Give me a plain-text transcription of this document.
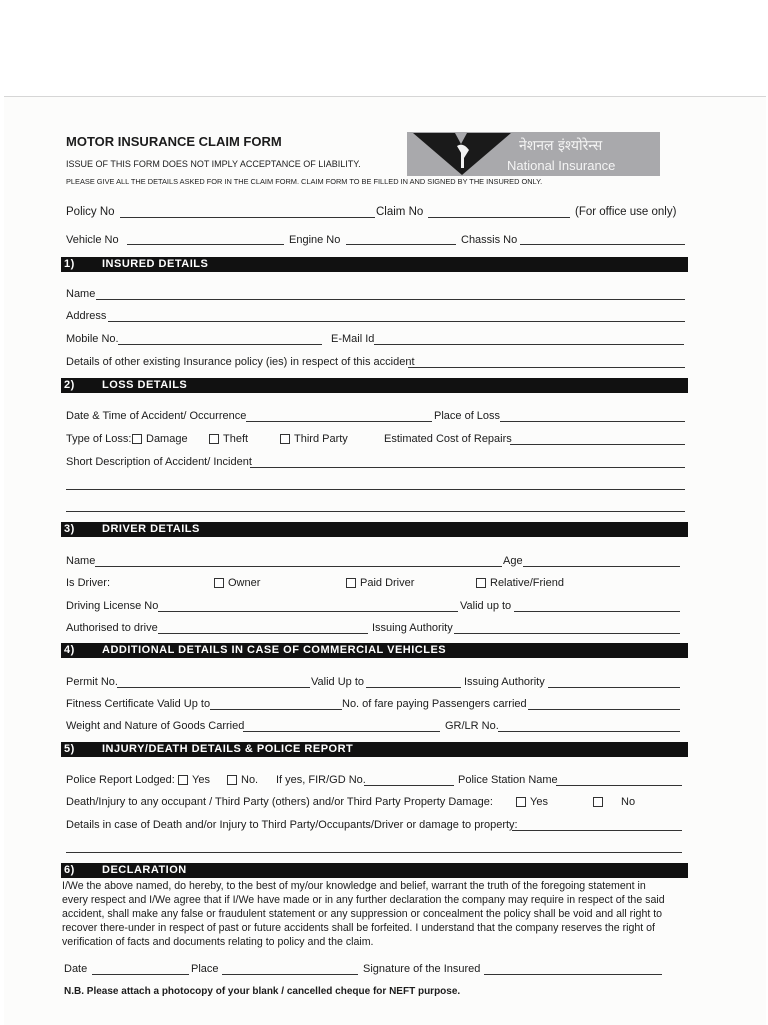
MOTOR INSURANCE CLAIM FORM
ISSUE OF THIS FORM DOES NOT IMPLY ACCEPTANCE OF LIABILITY.
PLEASE GIVE ALL THE DETAILS ASKED FOR IN THE CLAIM FORM. CLAIM FORM TO BE FILLED IN AND SIGNED BY THE INSURED ONLY.
नेशनल इंश्योरेन्स
National Insurance
Policy No	Claim No	(For office use only)
Vehicle No	Engine No	Chassis No
1) INSURED DETAILS
Name
Address
Mobile No.	E-Mail Id
Details of other existing Insurance policy (ies) in respect of this accident
2) LOSS DETAILS
Date & Time of Accident/ Occurrence	Place of Loss
Type of Loss:	Damage	Theft	Third Party	Estimated Cost of Repairs
Short Description of Accident/ Incident
3) DRIVER DETAILS
Name	Age
Is Driver:	Owner	Paid Driver	Relative/Friend
Driving License No	Valid up to
Authorised to drive	Issuing Authority
4) ADDITIONAL DETAILS IN CASE OF COMMERCIAL VEHICLES
Permit No.	Valid Up to	Issuing Authority
Fitness Certificate Valid Up to	No. of fare paying Passengers carried
Weight and Nature of Goods Carried	GR/LR No.
5) INJURY/DEATH DETAILS & POLICE REPORT
Police Report Lodged:	Yes	No. If yes, FIR/GD No.	Police Station Name
Death/Injury to any occupant / Third Party (others) and/or Third Party Property Damage:	Yes	No
Details in case of Death and/or Injury to Third Party/Occupants/Driver or damage to property:
6) DECLARATION
I/We the above named, do hereby, to the best of my/our knowledge and belief, warrant the truth of the foregoing statement in
every respect and I/We agree that if I/We have made or in any further declaration the company may require in respect of the said
accident, shall make any false or fraudulent statement or any suppression or concealment the policy shall be void and all right to
recover there-under in respect of past or future accidents shall be forfeited. I understand that the company reserves the right of
verification of facts and documents relating to policy and the claim.
Date	Place	Signature of the Insured
N.B. Please attach a photocopy of your blank / cancelled cheque for NEFT purpose.
